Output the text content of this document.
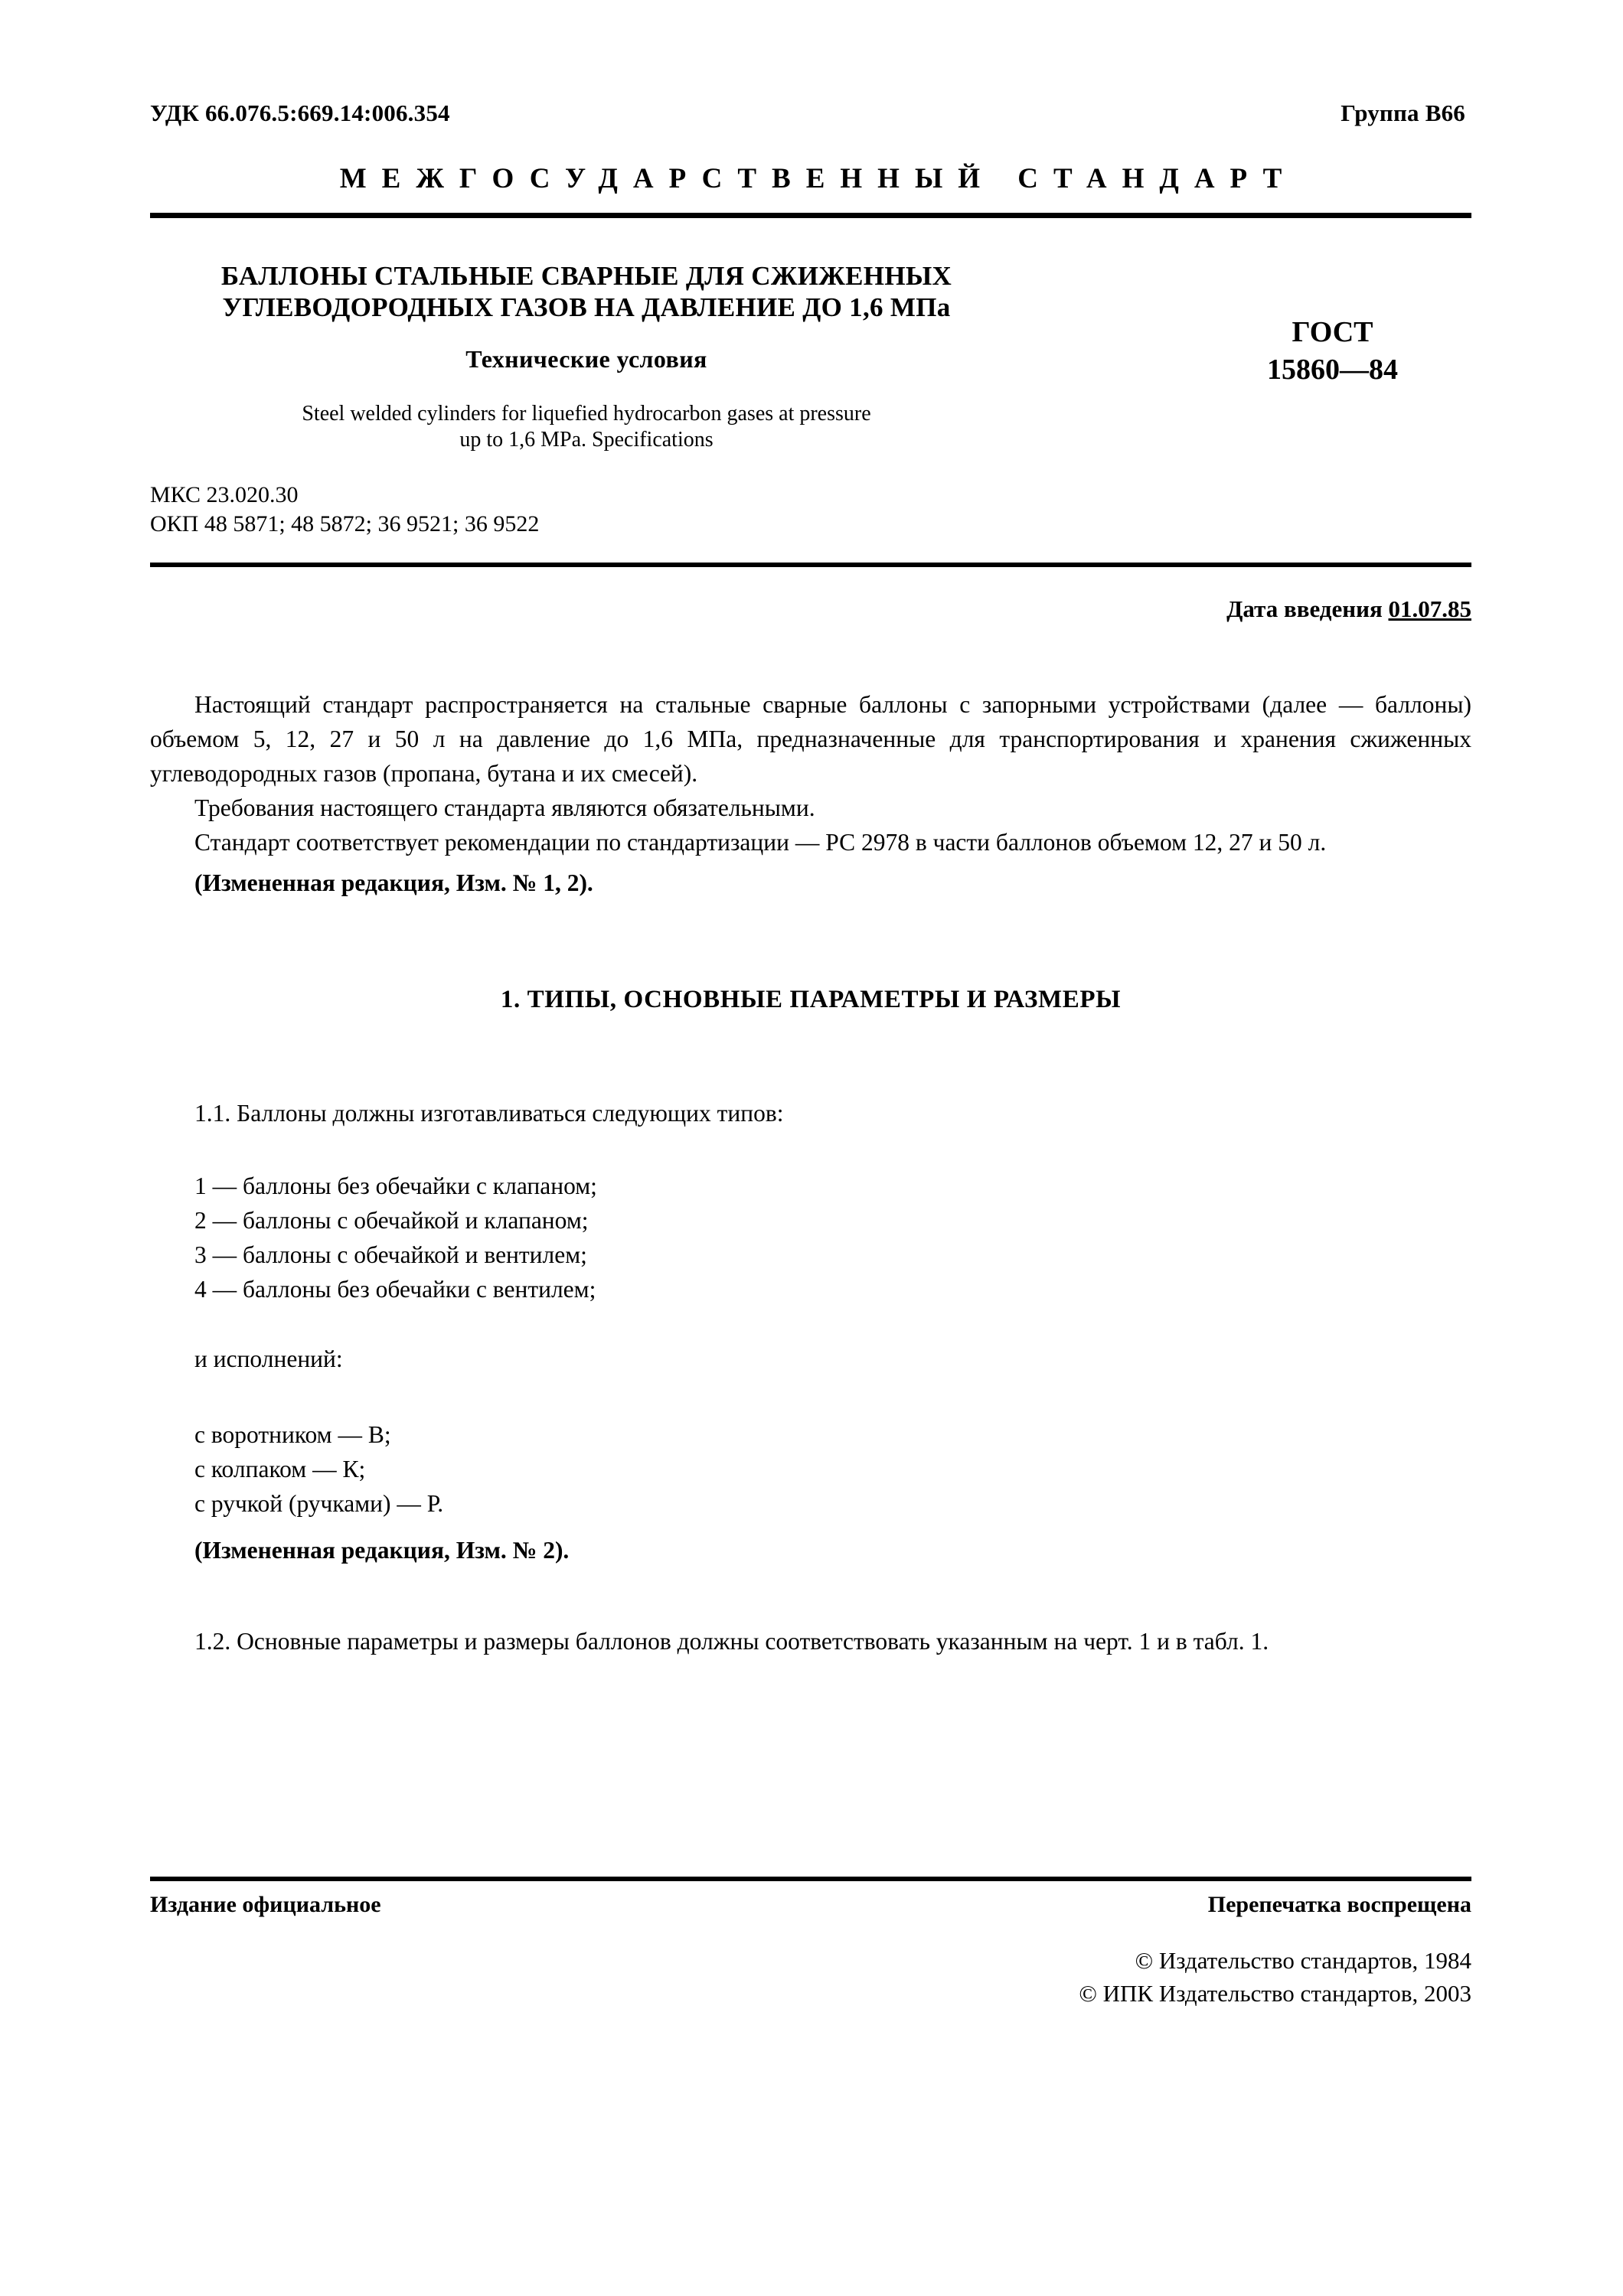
УДК 66.076.5:669.14:006.354	Группа В66
МЕЖГОСУДАРСТВЕННЫЙ СТАНДАРТ
БАЛЛОНЫ СТАЛЬНЫЕ СВАРНЫЕ ДЛЯ СЖИЖЕННЫХ
УГЛЕВОДОРОДНЫХ ГАЗОВ НА ДАВЛЕНИЕ ДО 1,6 МПа
Технические условия
Steel welded cylinders for liquefied hydrocarbon gases at pressure
up to 1,6 MPa. Specifications
ГОСТ
15860—84
МКС 23.020.30
ОКП 48 5871; 48 5872; 36 9521; 36 9522
Дата введения 01.07.85

Настоящий стандарт распространяется на стальные сварные баллоны с запорными устройствами (далее — баллоны) объемом 5, 12, 27 и 50 л на давление до 1,6 МПа, предназначенные для транспортирования и хранения сжиженных углеводородных газов (пропана, бутана и их смесей).

Требования настоящего стандарта являются обязательными.

Стандарт соответствует рекомендации по стандартизации — РС 2978 в части баллонов объемом 12, 27 и 50 л.

(Измененная редакция, Изм. № 1, 2).

1. ТИПЫ, ОСНОВНЫЕ ПАРАМЕТРЫ И РАЗМЕРЫ

1.1. Баллоны должны изготавливаться следующих типов:

1 — баллоны без обечайки с клапаном;
2 — баллоны с обечайкой и клапаном;
3 — баллоны с обечайкой и вентилем;
4 — баллоны без обечайки с вентилем;
и исполнений:
с воротником — В;
с колпаком — К;
с ручкой (ручками) — Р.
(Измененная редакция, Изм. № 2).

1.2. Основные параметры и размеры баллонов должны соответствовать указанным на черт. 1 и в табл. 1.

Издание официальное	Перепечатка воспрещена
© Издательство стандартов, 1984
© ИПК Издательство стандартов, 2003
